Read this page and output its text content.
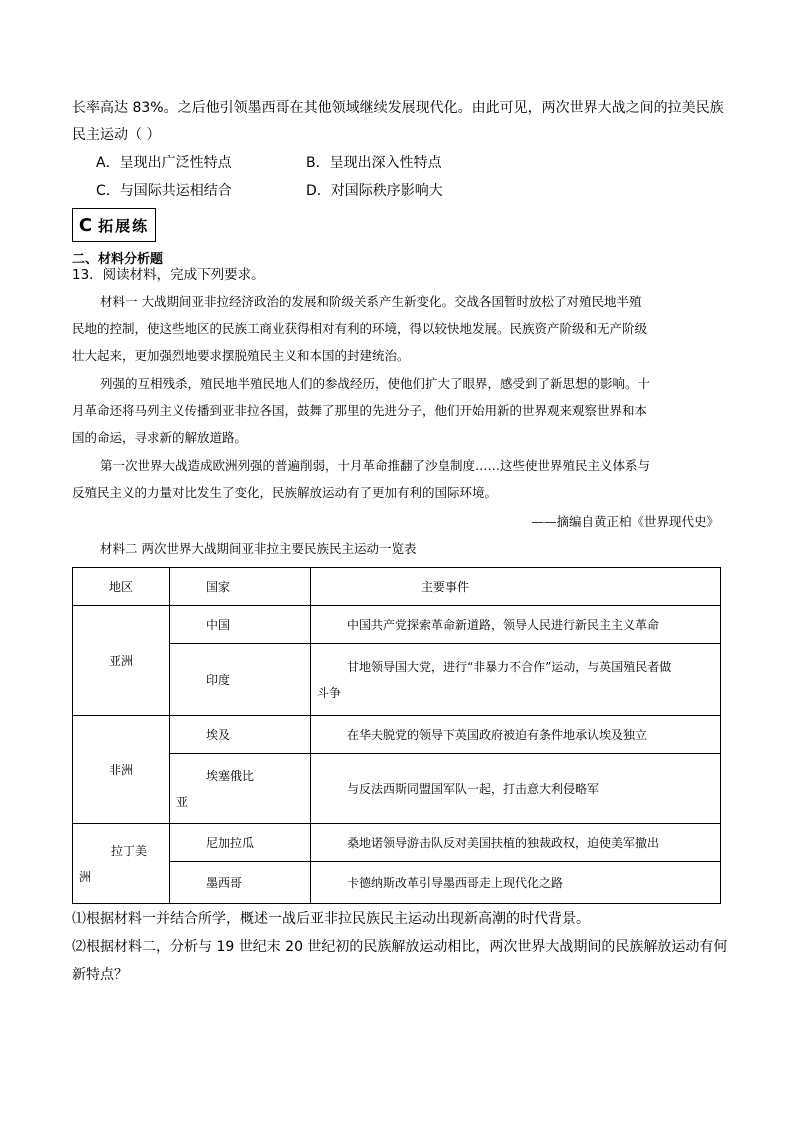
长率高达 83%。之后他引领墨西哥在其他领域继续发展现代化。由此可见，两次世界大战之间的拉美民族
民主运动（ ）
A．呈现出广泛性特点	B．呈现出深入性特点
C．与国际共运相结合	D．对国际秩序影响大
C 拓展练
二、材料分析题
13．阅读材料，完成下列要求。
材料一 大战期间亚非拉经济政治的发展和阶级关系产生新变化。交战各国暂时放松了对殖民地半殖
民地的控制，使这些地区的民族工商业获得相对有利的环境，得以较快地发展。民族资产阶级和无产阶级
壮大起来，更加强烈地要求摆脱殖民主义和本国的封建统治。
列强的互相残杀，殖民地半殖民地人们的参战经历，使他们扩大了眼界，感受到了新思想的影响。十
月革命还将马列主义传播到亚非拉各国，鼓舞了那里的先进分子，他们开始用新的世界观来观察世界和本
国的命运，寻求新的解放道路。
第一次世界大战造成欧洲列强的普遍削弱，十月革命推翻了沙皇制度……这些使世界殖民主义体系与
反殖民主义的力量对比发生了变化，民族解放运动有了更加有利的国际环境。
——摘编自黄正柏《世界现代史》
材料二 两次世界大战期间亚非拉主要民族民主运动一览表
地区	国家	主要事件
亚洲	中国	中国共产党探索革命新道路，领导人民进行新民主主义革命
	印度	甘地领导国大党，进行“非暴力不合作”运动，与英国殖民者做
斗争

非洲	埃及	在华夫脱党的领导下英国政府被迫有条件地承认埃及独立

	埃塞俄比
亚	与反法西斯同盟国军队一起，打击意大利侵略军

拉丁美
洲	尼加拉瓜	桑地诺领导游击队反对美国扶植的独裁政权，迫使美军撤出
	墨西哥	卡德纳斯改革引导墨西哥走上现代化之路
⑴根据材料一并结合所学，概述一战后亚非拉民族民主运动出现新高潮的时代背景。
⑵根据材料二，分析与 19 世纪末 20 世纪初的民族解放运动相比，两次世界大战期间的民族解放运动有何
新特点？
